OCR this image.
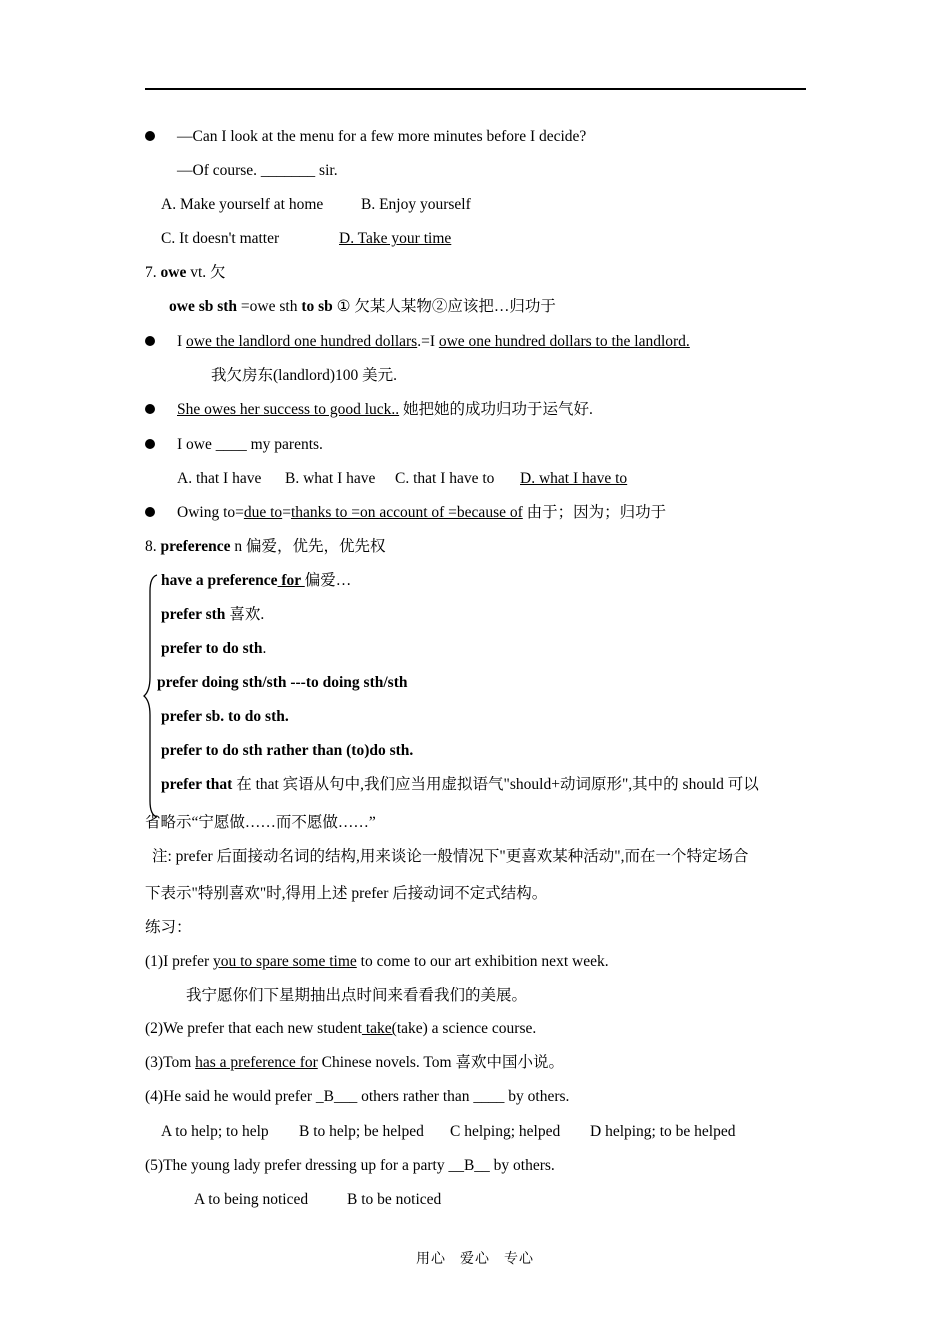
—Can I look at the menu for a few more minutes before I decide?
—Of course. _______ sir.
A. Make yourself at home B. Enjoy yourself
C. It doesn't matter	D. Take your time
7. owe vt. 欠
owe sb sth =owe sth to sb ① 欠某人某物②应该把…归功于
I owe the landlord one hundred dollars.=I owe one hundred dollars to the landlord.
我欠房东(landlord)100 美元.
She owes her success to good luck.. 她把她的成功归功于运气好.
I owe ____ my parents.
A. that I have B. what I have C. that I have to D. what I have to
Owing to=due to=thanks to =on account of =because of 由于；因为；归功于
8. preference n 偏爱，优先，优先权
have a preference for 偏爱…
prefer sth 喜欢.
prefer to do sth.
prefer doing sth/sth ---to doing sth/sth
prefer sb. to do sth.
prefer to do sth rather than (to)do sth.
prefer that 在 that 宾语从句中,我们应当用虚拟语气"should+动词原形",其中的 should 可以
省略示“宁愿做……而不愿做……”
注: prefer 后面接动名词的结构,用来谈论一般情况下"更喜欢某种活动",而在一个特定场合
下表示"特别喜欢"时,得用上述 prefer 后接动词不定式结构。
练习：
(1)I prefer you to spare some time to come to our art exhibition next week.
我宁愿你们下星期抽出点时间来看看我们的美展。
(2)We prefer that each new student take(take) a science course.
(3)Tom has a preference for Chinese novels. Tom 喜欢中国小说。
(4)He said he would prefer _B___ others rather than ____ by others.
A to help; to help B to help; be helped C helping; helped D helping; to be helped
(5)The young lady prefer dressing up for a party __B__ by others.
A to being noticed	B to be noticed
用心 爱心 专心
